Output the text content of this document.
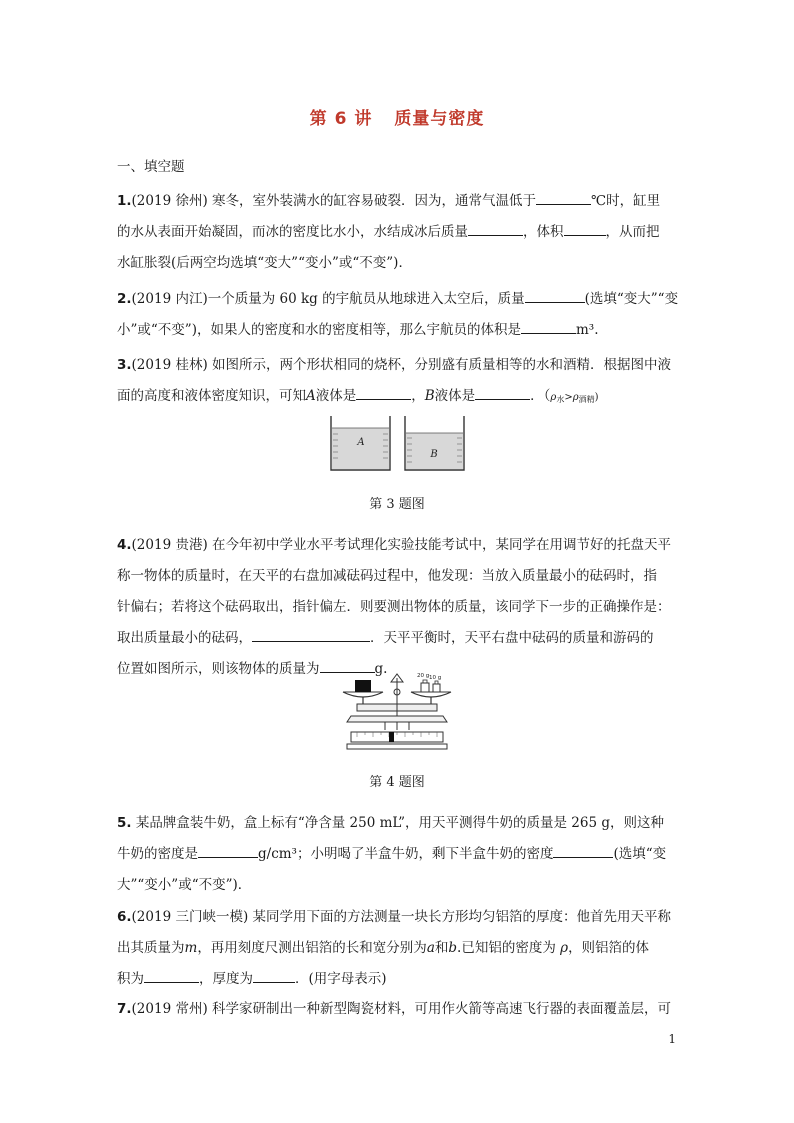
第 6 讲 质量与密度
一、填空题
1.(2019 徐州) 寒冬，室外装满水的缸容易破裂．因为，通常气温低于	℃时，缸里
的水从表面开始凝固，而冰的密度比水小，水结成冰后质量	，体积	，从而把
水缸胀裂(后两空均选填“变大”“变小”或“不变”)．
2.(2019 内江)一个质量为 60 kg 的宇航员从地球进入太空后，质量	(选填“变大”“变
小”或“不变”)，如果人的密度和水的密度相等，那么宇航员的体积是	m³.
3.(2019 桂林) 如图所示，两个形状相同的烧杯，分别盛有质量相等的水和酒精．根据图中液
面的高度和液体密度知识，可知A液体是	，B液体是	．$(\rho_水>\rho_{酒精})$
A
B
第 3 题图
4.(2019 贵港) 在今年初中学业水平考试理化实验技能考试中，某同学在用调节好的托盘天平
称一物体的质量时，在天平的右盘加减砝码过程中，他发现：当放入质量最小的砝码时，指
针偏右；若将这个砝码取出，指针偏左．则要测出物体的质量，该同学下一步的正确操作是：
取出质量最小的砝码，	．天平平衡时，天平右盘中砝码的质量和游码的
位置如图所示，则该物体的质量为	g.	20 g 10 g
第 4 题图
5. 某品牌盒装牛奶，盒上标有“净含量 250 mL”，用天平测得牛奶的质量是 265 g，则这种
牛奶的密度是	g/cm³；小明喝了半盒牛奶，剩下半盒牛奶的密度	(选填“变
大”“变小”或“不变”)．
6.(2019 三门峡一模) 某同学用下面的方法测量一块长方形均匀铝箔的厚度：他首先用天平称
出其质量为m，再用刻度尺测出铝箔的长和宽分别为a和b.已知铝的密度为 ρ，则铝箔的体
积为	，厚度为	．(用字母表示)
7.(2019 常州) 科学家研制出一种新型陶瓷材料，可用作火箭等高速飞行器的表面覆盖层，可
1
